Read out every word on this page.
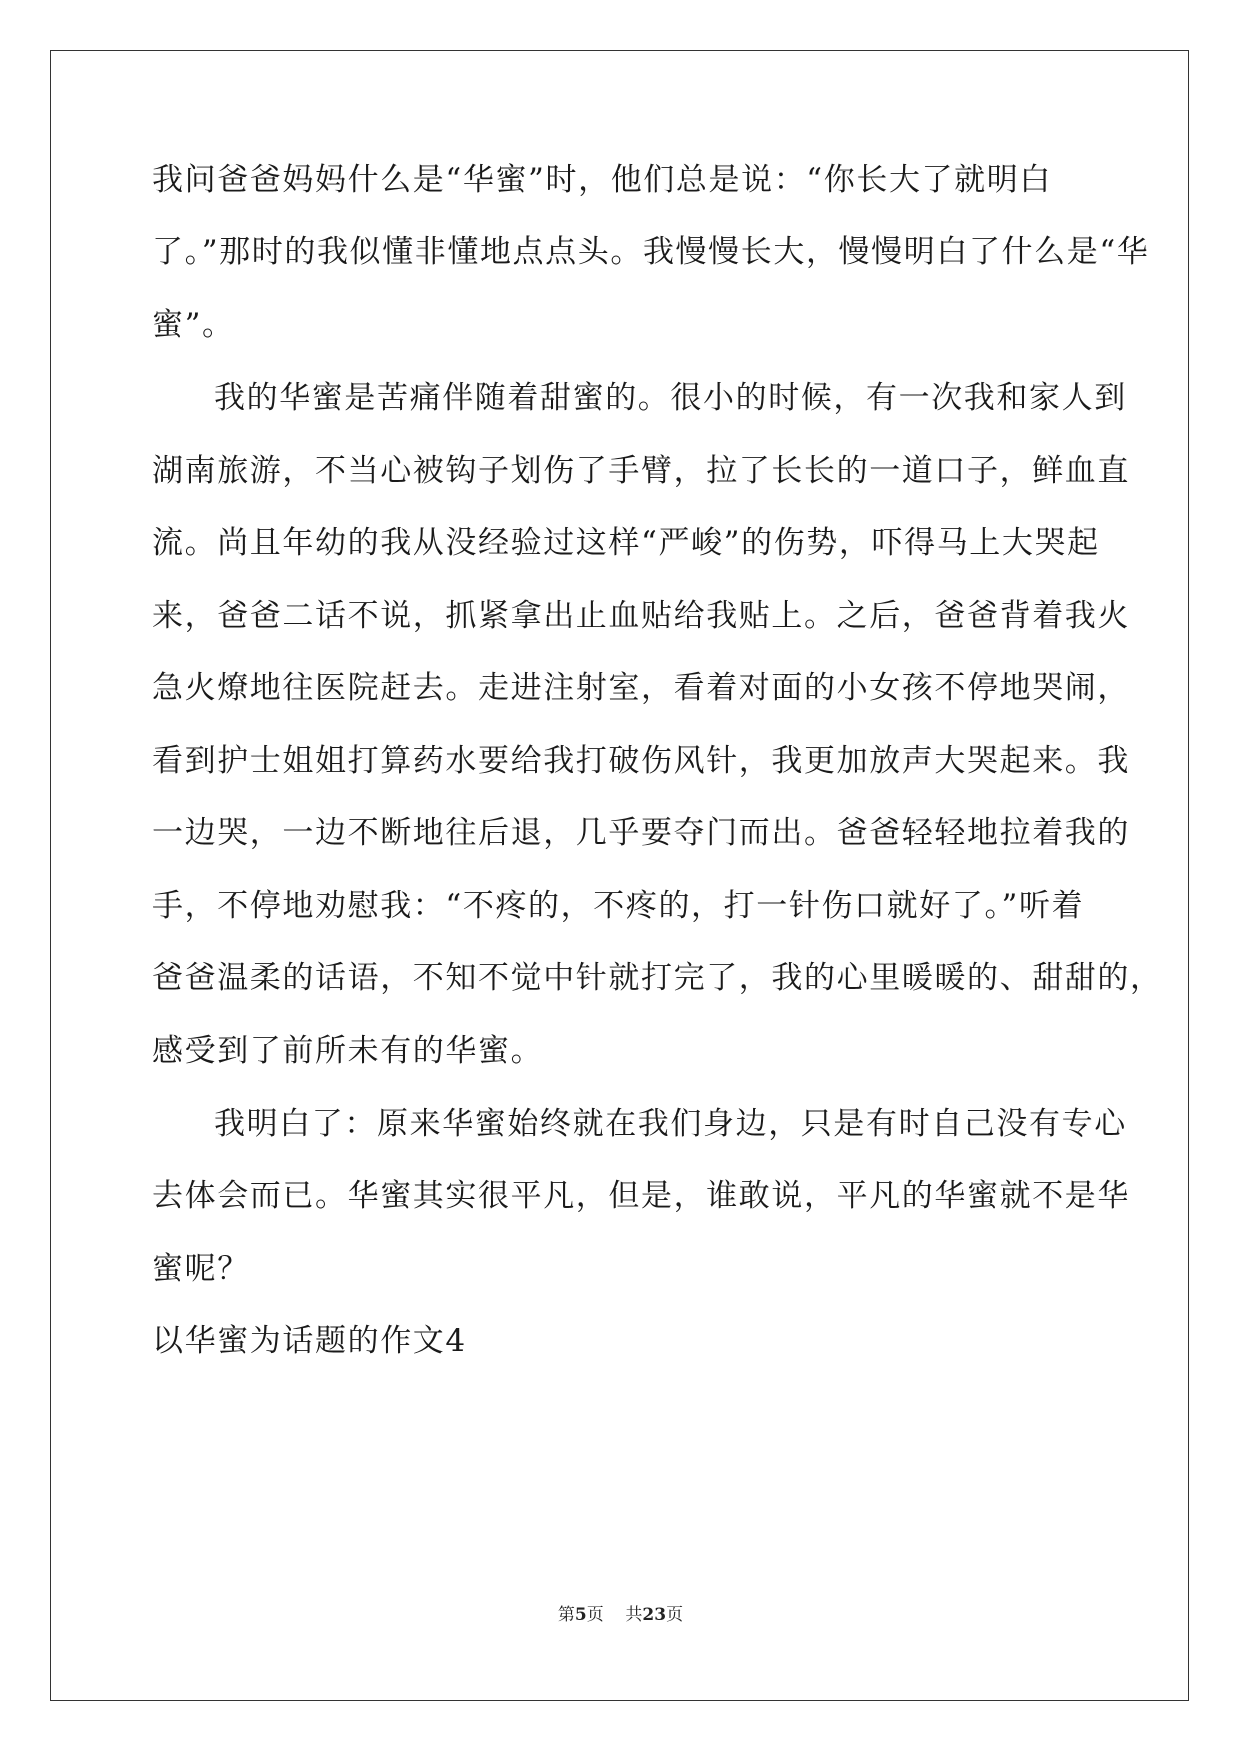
我问爸爸妈妈什么是“华蜜”时，他们总是说：“你长大了就明白
了。”那时的我似懂非懂地点点头。我慢慢长大，慢慢明白了什么是“华
蜜”。
我的华蜜是苦痛伴随着甜蜜的。很小的时候，有一次我和家人到
湖南旅游，不当心被钩子划伤了手臂，拉了长长的一道口子，鲜血直
流。尚且年幼的我从没经验过这样“严峻”的伤势，吓得马上大哭起
来，爸爸二话不说，抓紧拿出止血贴给我贴上。之后，爸爸背着我火
急火燎地往医院赶去。走进注射室，看着对面的小女孩不停地哭闹，
看到护士姐姐打算药水要给我打破伤风针，我更加放声大哭起来。我
一边哭，一边不断地往后退，几乎要夺门而出。爸爸轻轻地拉着我的
手，不停地劝慰我：“不疼的，不疼的，打一针伤口就好了。”听着
爸爸温柔的话语，不知不觉中针就打完了，我的心里暖暖的、甜甜的，
感受到了前所未有的华蜜。
我明白了：原来华蜜始终就在我们身边，只是有时自己没有专心
去体会而已。华蜜其实很平凡，但是，谁敢说，平凡的华蜜就不是华
蜜呢？
以华蜜为话题的作文4
第5页 共23页
